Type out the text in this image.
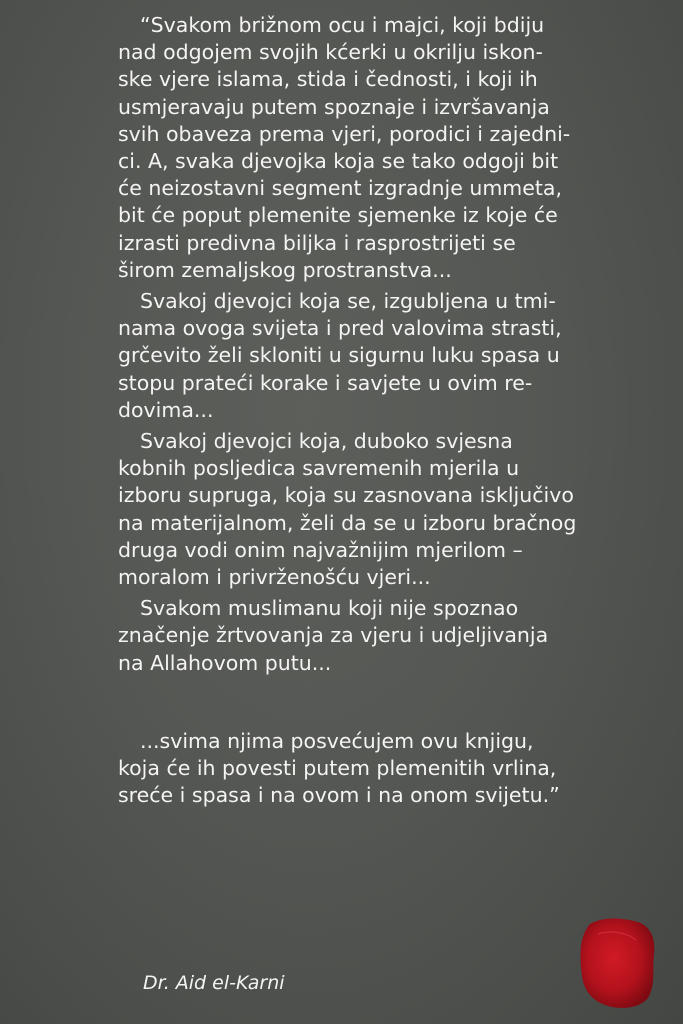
“Svakom brižnom ocu i majci, koji bdiju
nad odgojem svojih kćerki u okrilju iskon-
ske vjere islama, stida i čednosti, i koji ih
usmjeravaju putem spoznaje i izvršavanja
svih obaveza prema vjeri, porodici i zajedni-
ci. A, svaka djevojka koja se tako odgoji bit
će neizostavni segment izgradnje ummeta,
bit će poput plemenite sjemenke iz koje će
izrasti predivna biljka i rasprostrijeti se
širom zemaljskog prostranstva...
Svakoj djevojci koja se, izgubljena u tmi-
nama ovoga svijeta i pred valovima strasti,
grčevito želi skloniti u sigurnu luku spasa u
stopu prateći korake i savjete u ovim re-
dovima...
Svakoj djevojci koja, duboko svjesna
kobnih posljedica savremenih mjerila u
izboru supruga, koja su zasnovana isključivo
na materijalnom, želi da se u izboru bračnog
druga vodi onim najvažnijim mjerilom –
moralom i privrženošću vjeri...
Svakom muslimanu koji nije spoznao
značenje žrtvovanja za vjeru i udjeljivanja
na Allahovom putu...
...svima njima posvećujem ovu knjigu,
koja će ih povesti putem plemenitih vrlina,
sreće i spasa i na ovom i na onom svijetu.”
Dr. Aid el-Karni
